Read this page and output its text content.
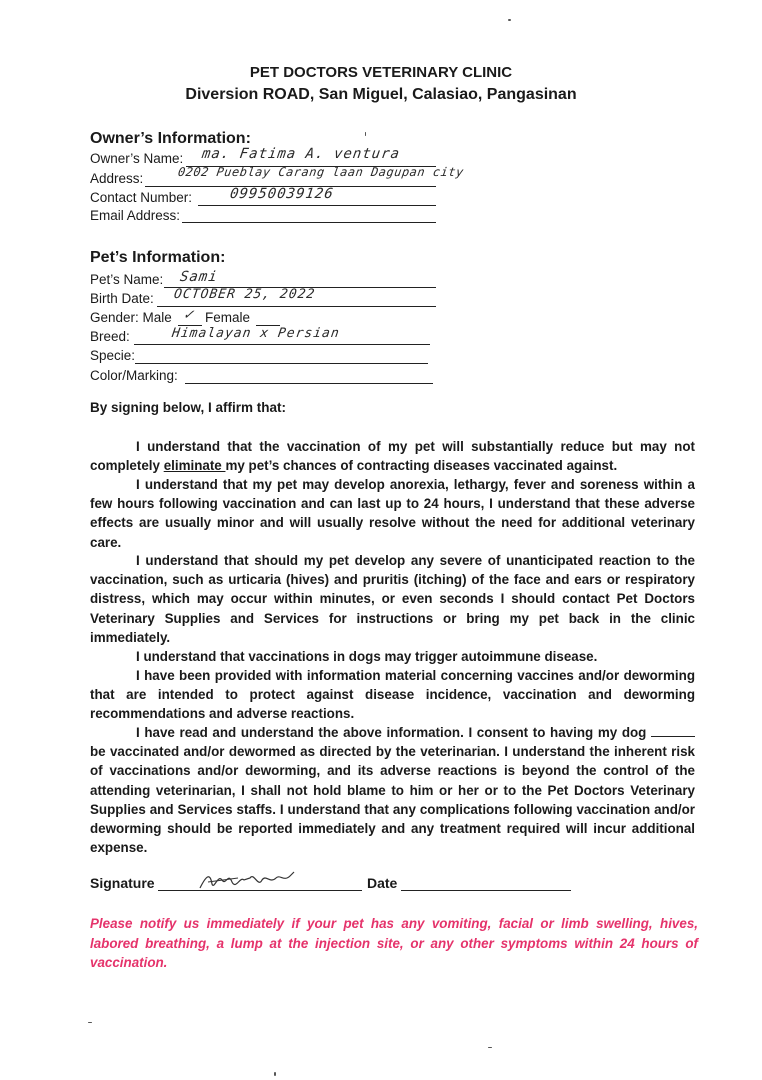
PET DOCTORS VETERINARY CLINIC
Diversion ROAD, San Miguel, Calasiao, Pangasinan
Owner’s Information:
Owner’s Name: ma. Fatima A. ventura
Address:	0202 Pueblay Carang laan Dagupan city
Contact Number:	09950039126
Email Address:
Pet’s Information:
Pet’s Name: Sami
Birth Date: OCTOBER 25, 2022
Gender: Male ✓ Female
Breed:	Himalayan x Persian
Specie:
Color/Marking:
By signing below, I affirm that:
I understand that the vaccination of my pet will substantially reduce but may not completely eliminate my pet’s chances of contracting diseases vaccinated against.
I understand that my pet may develop anorexia, lethargy, fever and soreness within a few hours following vaccination and can last up to 24 hours, I understand that these adverse effects are usually minor and will usually resolve without the need for additional veterinary care.
I understand that should my pet develop any severe of unanticipated reaction to the vaccination, such as urticaria (hives) and pruritis (itching) of the face and ears or respiratory distress, which may occur within minutes, or even seconds I should contact Pet Doctors Veterinary Supplies and Services for instructions or bring my pet back in the clinic immediately.
I understand that vaccinations in dogs may trigger autoimmune disease.
I have been provided with information material concerning vaccines and/or deworming that are intended to protect against disease incidence, vaccination and deworming recommendations and adverse reactions.
I have read and understand the above information. I consent to having my dog  be vaccinated and/or dewormed as directed by the veterinarian. I understand the inherent risk of vaccinations and/or deworming, and its adverse reactions is beyond the control of the attending veterinarian, I shall not hold blame to him or her or to the Pet Doctors Veterinary Supplies and Services staffs. I understand that any complications following vaccination and/or deworming should be reported immediately and any treatment required will incur additional expense.
Signature	Date
Please notify us immediately if your pet has any vomiting, facial or limb swelling, hives, labored breathing, a lump at the injection site, or any other symptoms within 24 hours of vaccination.
